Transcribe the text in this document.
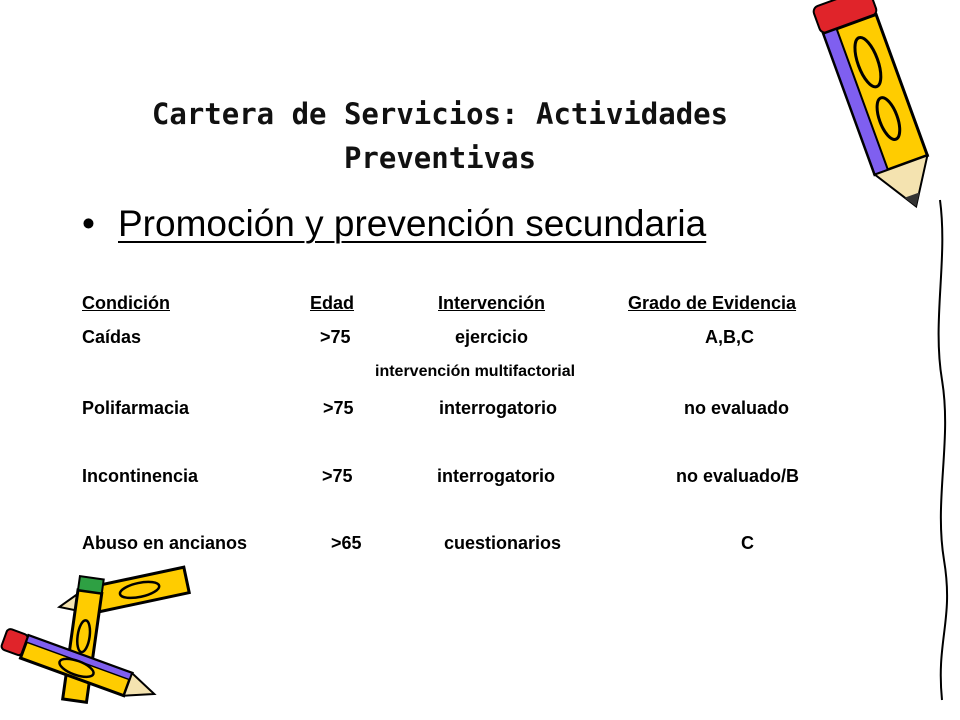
Cartera de Servicios: Actividades
Preventivas
• Promoción y prevención secundaria
Condición	Edad	Intervención	Grado de Evidencia
Caídas	>75	ejercicio	A,B,C
intervención multifactorial
Polifarmacia	>75	interrogatorio	no evaluado
Incontinencia	>75	interrogatorio	no evaluado/B
Abuso en ancianos	>65	cuestionarios	C
